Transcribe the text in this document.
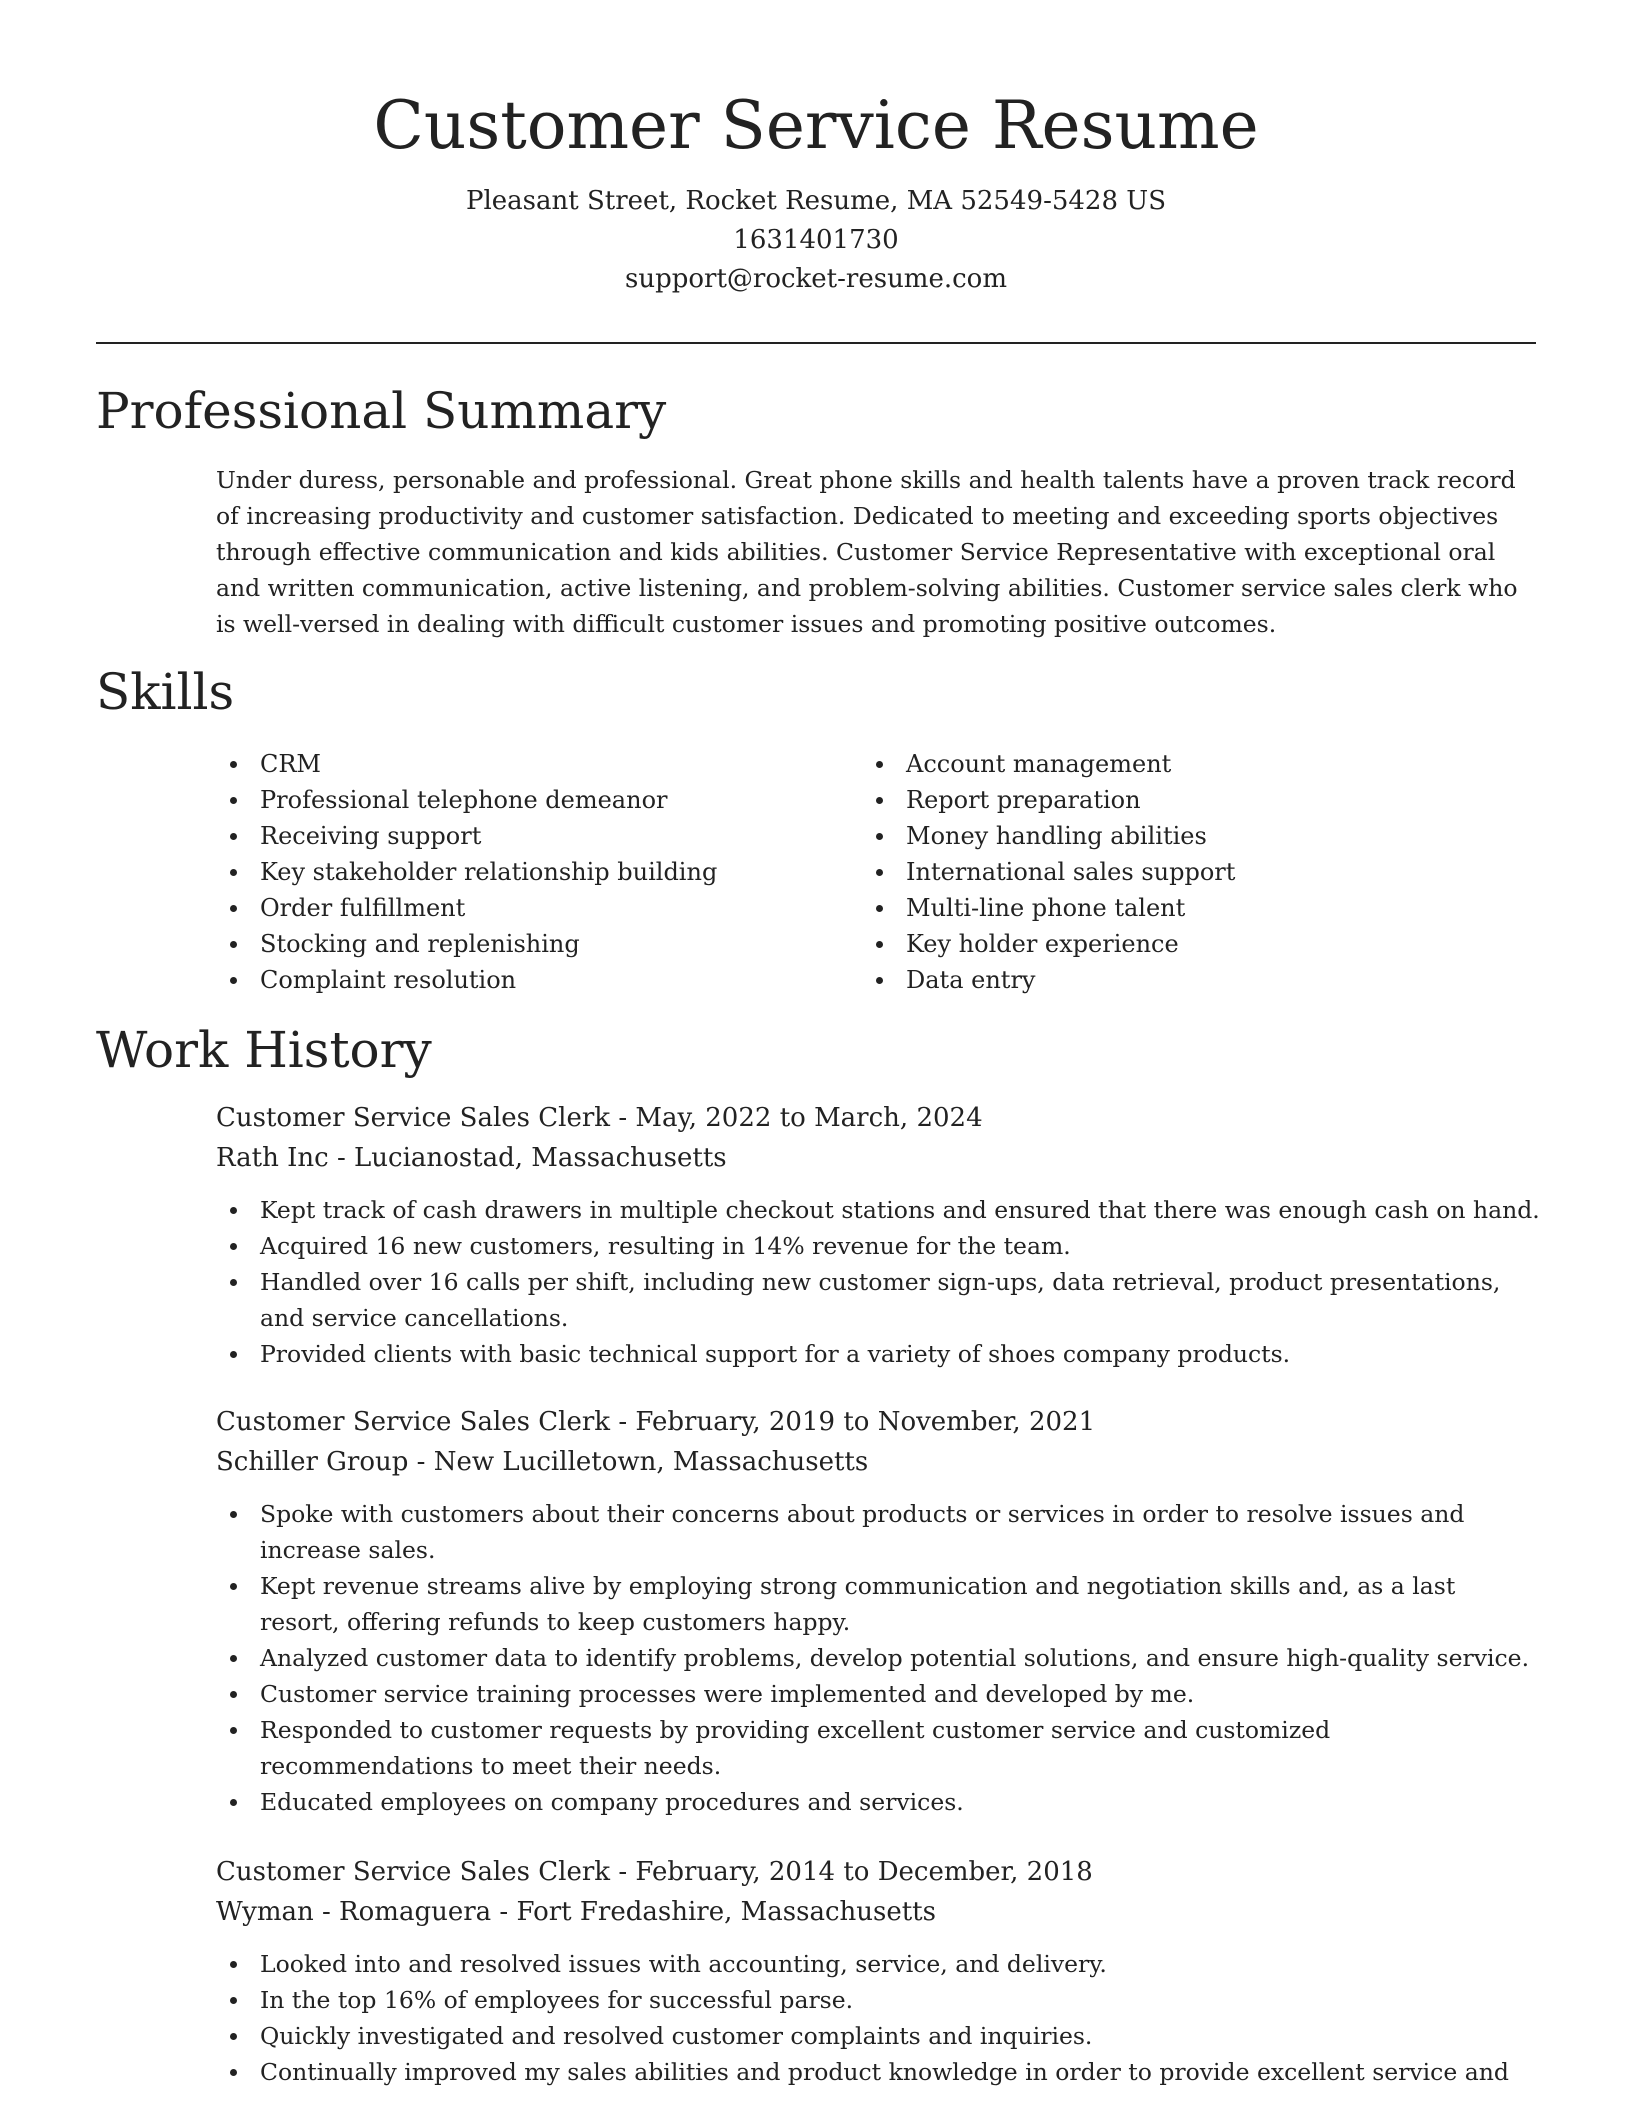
Customer Service Resume
Pleasant Street, Rocket Resume, MA 52549-5428 US
1631401730
support@rocket-resume.com
Professional Summary

Under duress, personable and professional. Great phone skills and health talents have a proven track record of increasing productivity and customer satisfaction. Dedicated to meeting and exceeding sports objectives through effective communication and kids abilities. Customer Service Representative with exceptional oral and written communication, active listening, and problem-solving abilities. Customer service sales clerk who is well-versed in dealing with difficult customer issues and promoting positive outcomes.

Skills
CRM
Professional telephone demeanor
Receiving support
Key stakeholder relationship building
Order fulfillment
Stocking and replenishing
Complaint resolution
Account management
Report preparation
Money handling abilities
International sales support
Multi-line phone talent
Key holder experience
Data entry
Work History

Customer Service Sales Clerk - May, 2022 to March, 2024

Rath Inc - Lucianostad, Massachusetts

Kept track of cash drawers in multiple checkout stations and ensured that there was enough cash on hand.
Acquired 16 new customers, resulting in 14% revenue for the team.
Handled over 16 calls per shift, including new customer sign-ups, data retrieval, product presentations, and service cancellations.
Provided clients with basic technical support for a variety of shoes company products.

Customer Service Sales Clerk - February, 2019 to November, 2021

Schiller Group - New Lucilletown, Massachusetts

Spoke with customers about their concerns about products or services in order to resolve issues and increase sales.
Kept revenue streams alive by employing strong communication and negotiation skills and, as a last resort, offering refunds to keep customers happy.
Analyzed customer data to identify problems, develop potential solutions, and ensure high-quality service.
Customer service training processes were implemented and developed by me.
Responded to customer requests by providing excellent customer service and customized recommendations to meet their needs.
Educated employees on company procedures and services.

Customer Service Sales Clerk - February, 2014 to December, 2018

Wyman - Romaguera - Fort Fredashire, Massachusetts

Looked into and resolved issues with accounting, service, and delivery.
In the top 16% of employees for successful parse.
Quickly investigated and resolved customer complaints and inquiries.
Continually improved my sales abilities and product knowledge in order to provide excellent service and
